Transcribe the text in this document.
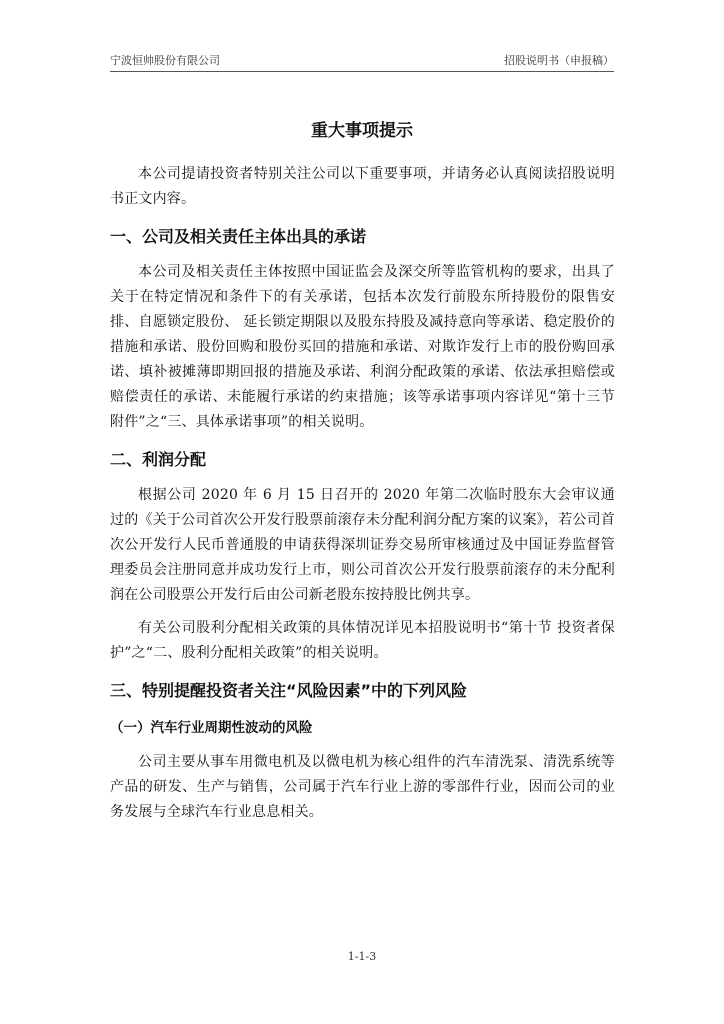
宁波恒帅股份有限公司	招股说明书（申报稿）
重大事项提示

本公司提请投资者特别关注公司以下重要事项，并请务必认真阅读招股说明书正文内容。

一、公司及相关责任主体出具的承诺

本公司及相关责任主体按照中国证监会及深交所等监管机构的要求，出具了关于在特定情况和条件下的有关承诺，包括本次发行前股东所持股份的限售安排、自愿锁定股份、 延长锁定期限以及股东持股及减持意向等承诺、稳定股价的措施和承诺、股份回购和股份买回的措施和承诺、对欺诈发行上市的股份购回承诺、填补被摊薄即期回报的措施及承诺、利润分配政策的承诺、依法承担赔偿或赔偿责任的承诺、未能履行承诺的约束措施；该等承诺事项内容详见“第十三节 附件”之“三、具体承诺事项”的相关说明。

二、利润分配

根据公司 2020 年 6 月 15 日召开的 2020 年第二次临时股东大会审议通过的《关于公司首次公开发行股票前滚存未分配利润分配方案的议案》，若公司首次公开发行人民币普通股的申请获得深圳证券交易所审核通过及中国证券监督管理委员会注册同意并成功发行上市，则公司首次公开发行股票前滚存的未分配利润在公司股票公开发行后由公司新老股东按持股比例共享。

有关公司股利分配相关政策的具体情况详见本招股说明书“第十节 投资者保护”之“二、股利分配相关政策”的相关说明。

三、特别提醒投资者关注“风险因素”中的下列风险
（一）汽车行业周期性波动的风险

公司主要从事车用微电机及以微电机为核心组件的汽车清洗泵、清洗系统等产品的研发、生产与销售，公司属于汽车行业上游的零部件行业，因而公司的业务发展与全球汽车行业息息相关。

1-1-3
